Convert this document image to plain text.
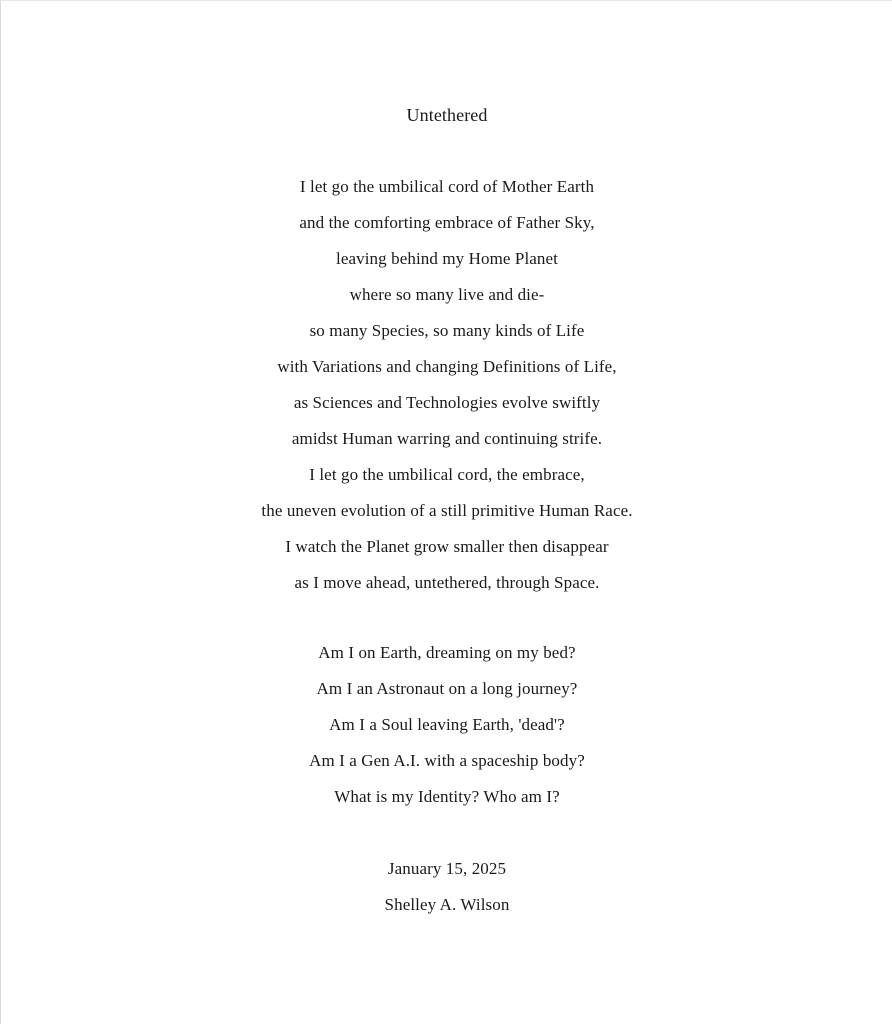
Untethered
I let go the umbilical cord of Mother Earth
and the comforting embrace of Father Sky,
leaving behind my Home Planet
where so many live and die-
so many Species, so many kinds of Life
with Variations and changing Definitions of Life,
as Sciences and Technologies evolve swiftly
amidst Human warring and continuing strife.
I let go the umbilical cord, the embrace,
the uneven evolution of a still primitive Human Race.
I watch the Planet grow smaller then disappear
as I move ahead, untethered, through Space.
Am I on Earth, dreaming on my bed?
Am I an Astronaut on a long journey?
Am I a Soul leaving Earth, 'dead'?
Am I a Gen A.I. with a spaceship body?
What is my Identity? Who am I?
January 15, 2025
Shelley A. Wilson
